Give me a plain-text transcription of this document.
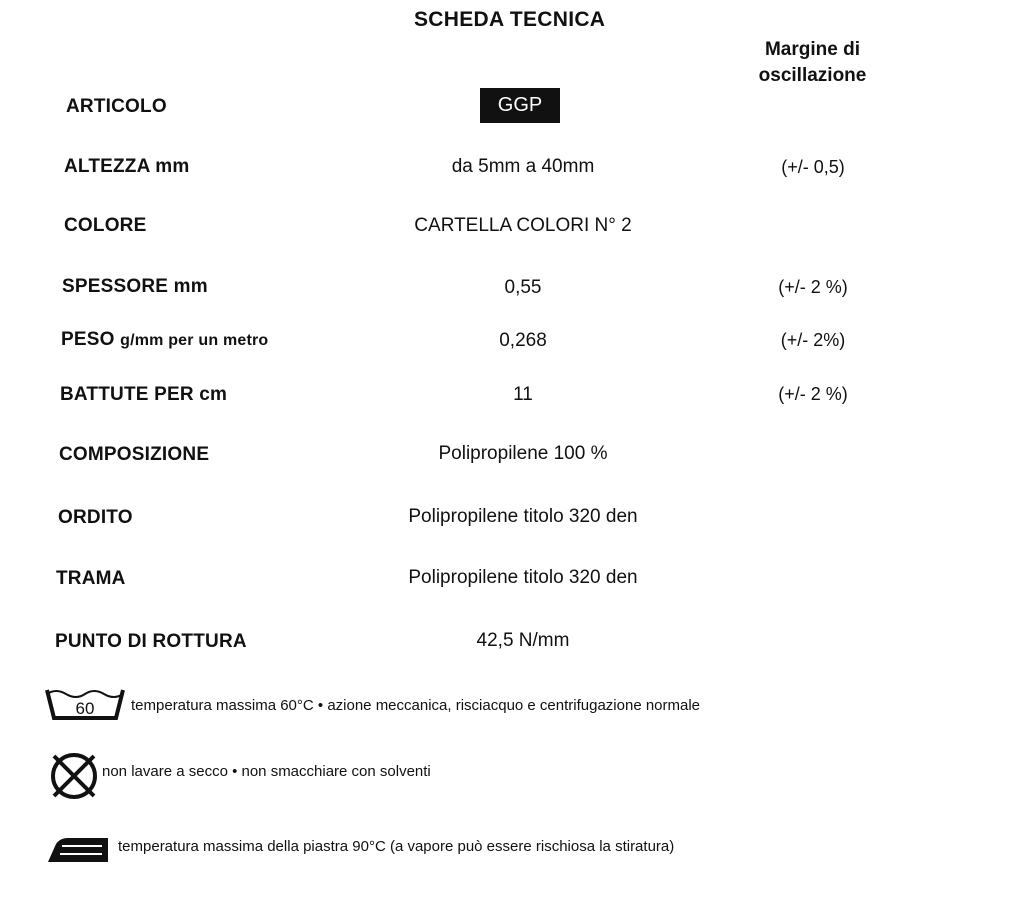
SCHEDA TECNICA
Margine di oscillazione
ARTICOLO	GGP
ALTEZZA mm	da 5mm a 40mm	(+/- 0,5)
COLORE	CARTELLA COLORI N° 2
SPESSORE mm	0,55	(+/- 2 %)
PESO g/mm per un metro	0,268	(+/- 2%)
BATTUTE PER cm	11	(+/- 2 %)
COMPOSIZIONE	Polipropilene 100 %
ORDITO	Polipropilene titolo 320 den
TRAMA	Polipropilene titolo 320 den
PUNTO DI ROTTURA	42,5 N/mm
60 temperatura massima 60°C • azione meccanica, risciacquo e centrifugazione normale
non lavare a secco • non smacchiare con solventi
temperatura massima della piastra 90°C (a vapore può essere rischiosa la stiratura)
